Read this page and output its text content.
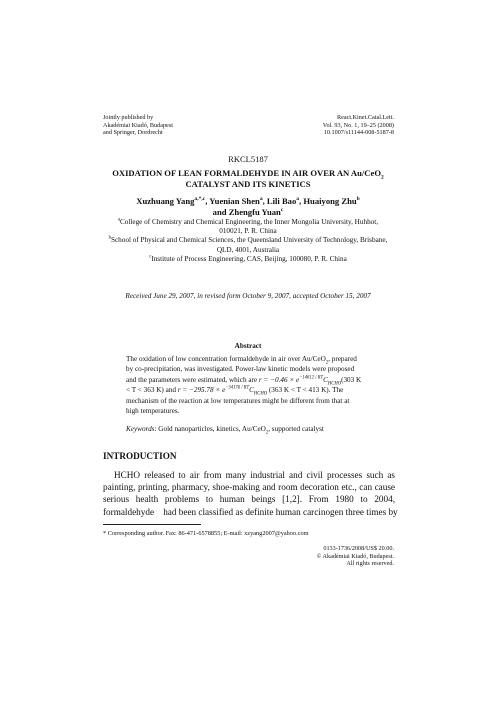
Jointly published by
Akadémiai Kiadó, Budapest
and Springer, Dordrecht
React.Kinet.Catal.Lett.
Vol. 93, No. 1, 19–25 (2008)
10.1007/s11144-008-5187-8
RKCL5187
OXIDATION OF LEAN FORMALDEHYDE IN AIR OVER AN Au/CeO$_2$
CATALYST AND ITS KINETICS
Xuzhuang Yang$^{a,*,c}$, Yuenian Shen$^a$, Lili Bao$^a$, Huaiyong Zhu$^b$
and Zhengfu Yuan$^c$
$^a$College of Chemistry and Chemical Engineering, the Inner Mongolia University, Huhhot,
010021, P. R. China
$^b$School of Physical and Chemical Sciences, the Queensland University of Technology, Brisbane,
QLD, 4001, Australia
$^c$Institute of Process Engineering, CAS, Beijing, 100080, P. R. China
Received June 29, 2007, in revised form October 9, 2007, accepted October 15, 2007
Abstract
The oxidation of low concentration formaldehyde in air over Au/CeO$_2$, prepared
by co-precipitation, was investigated. Power-law kinetic models were proposed
and the parameters were estimated, which are $r = -0.46 \times e^{-14612 / RT}C_{HCHO}(303$ K
< T < 363 K) and $r = -295.78 \times e^{-34176 / RT}C_{HCHO}$ (363 K < T < 413 K). The
mechanism of the reaction at low temperatures might be different from that at
high temperatures.
Keywords: Gold nanoparticles, kinetics, Au/CeO$_2$, supported catalyst
INTRODUCTION
HCHO released to air from many industrial and civil processes such as
painting, printing, pharmacy, shoe-making and room decoration etc., can cause
serious health problems to human beings [1,2]. From 1980 to 2004,
formaldehyde    had been classified as definite human carcinogen three times by
* Corresponding author. Fax: 86-471-6578855; E-mail: xzyang2007@yahoo.com
0133-1736/2008/US$ 20.00.
© Akadémiai Kiadó, Budapest.
All rights reserved.
